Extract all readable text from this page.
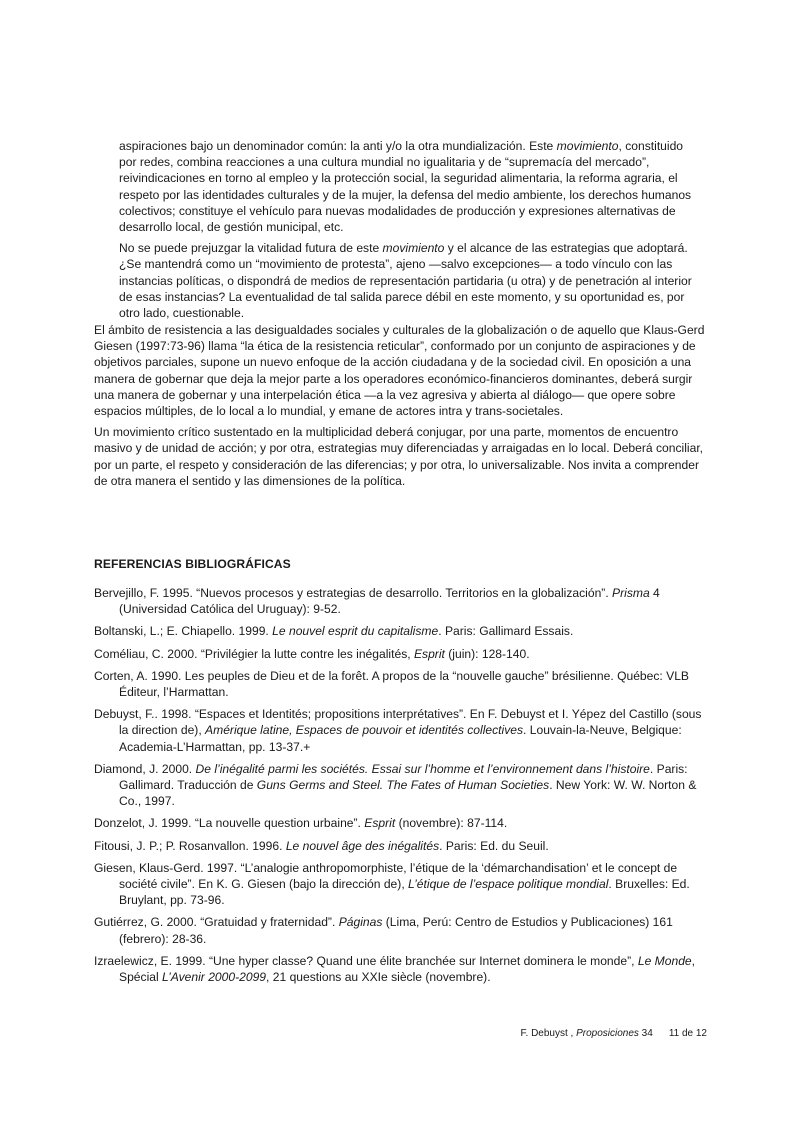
aspiraciones bajo un denominador común: la anti y/o la otra mundialización. Este movimiento, constituido por redes, combina reacciones a una cultura mundial no igualitaria y de “supremacía del mercado”, reivindicaciones en torno al empleo y la protección social, la seguridad alimentaria, la reforma agraria, el respeto por las identidades culturales y de la mujer, la defensa del medio ambiente, los derechos humanos colectivos; constituye el vehículo para nuevas modalidades de producción y expresiones alternativas de desarrollo local, de gestión municipal, etc.

No se puede prejuzgar la vitalidad futura de este movimiento y el alcance de las estrategias que adoptará. ¿Se mantendrá como un “movimiento de protesta”, ajeno —salvo excepciones— a todo vínculo con las instancias políticas, o dispondrá de medios de representación partidaria (u otra) y de penetración al interior de esas instancias? La eventualidad de tal salida parece débil en este momento, y su oportunidad es, por otro lado, cuestionable.

El ámbito de resistencia a las desigualdades sociales y culturales de la globalización o de aquello que Klaus-Gerd Giesen (1997:73-96) llama “la ética de la resistencia reticular”, conformado por un conjunto de aspiraciones y de objetivos parciales, supone un nuevo enfoque de la acción ciudadana y de la sociedad civil. En oposición a una manera de gobernar que deja la mejor parte a los operadores económico-financieros dominantes, deberá surgir una manera de gobernar y una interpelación ética —a la vez agresiva y abierta al diálogo— que opere sobre espacios múltiples, de lo local a lo mundial, y emane de actores intra y trans-societales.

Un movimiento crítico sustentado en la multiplicidad deberá conjugar, por una parte, momentos de encuentro masivo y de unidad de acción; y por otra, estrategias muy diferenciadas y arraigadas en lo local. Deberá conciliar, por un parte, el respeto y consideración de las diferencias; y por otra, lo universalizable. Nos invita a comprender de otra manera el sentido y las dimensiones de la política.

REFERENCIAS BIBLIOGRÁFICAS

Bervejillo, F. 1995. “Nuevos procesos y estrategias de desarrollo. Territorios en la globalización”. Prisma 4 (Universidad Católica del Uruguay): 9-52.

Boltanski, L.; E. Chiapello. 1999. Le nouvel esprit du capitalisme. Paris: Gallimard Essais.

Coméliau, C. 2000. “Privilégier la lutte contre les inégalités, Esprit (juin): 128-140.

Corten, A. 1990. Les peuples de Dieu et de la forêt. A propos de la “nouvelle gauche” brésilienne. Québec: VLB Éditeur, l’Harmattan.

Debuyst, F.. 1998. “Espaces et Identités; propositions interprétatives”. En F. Debuyst et I. Yépez del Castillo (sous la direction de), Amérique latine, Espaces de pouvoir et identités collectives. Louvain-la-Neuve, Belgique: Academia-L’Harmattan, pp. 13-37.+

Diamond, J. 2000. De l’inégalité parmi les sociétés. Essai sur l’homme et l’environnement dans l’histoire. Paris: Gallimard. Traducción de Guns Germs and Steel. The Fates of Human Societies. New York: W. W. Norton & Co., 1997.

Donzelot, J. 1999. “La nouvelle question urbaine”. Esprit (novembre): 87-114.

Fitousi, J. P.; P. Rosanvallon. 1996. Le nouvel âge des inégalités. Paris: Ed. du Seuil.

Giesen, Klaus-Gerd. 1997. “L’analogie anthropomorphiste, l’étique de la ‘démarchandisation’ et le concept de société civile”. En K. G. Giesen (bajo la dirección de), L’étique de l’espace politique mondial. Bruxelles: Ed. Bruylant, pp. 73-96.

Gutiérrez, G. 2000. “Gratuidad y fraternidad”. Páginas (Lima, Perú: Centro de Estudios y Publicaciones) 161 (febrero): 28-36.

Izraelewicz, E. 1999. “Une hyper classe? Quand une élite branchée sur Internet dominera le monde”, Le Monde, Spécial L’Avenir 2000-2099, 21 questions au XXIe siècle (novembre).

F. Debuyst , Proposiciones 34 11 de 12
